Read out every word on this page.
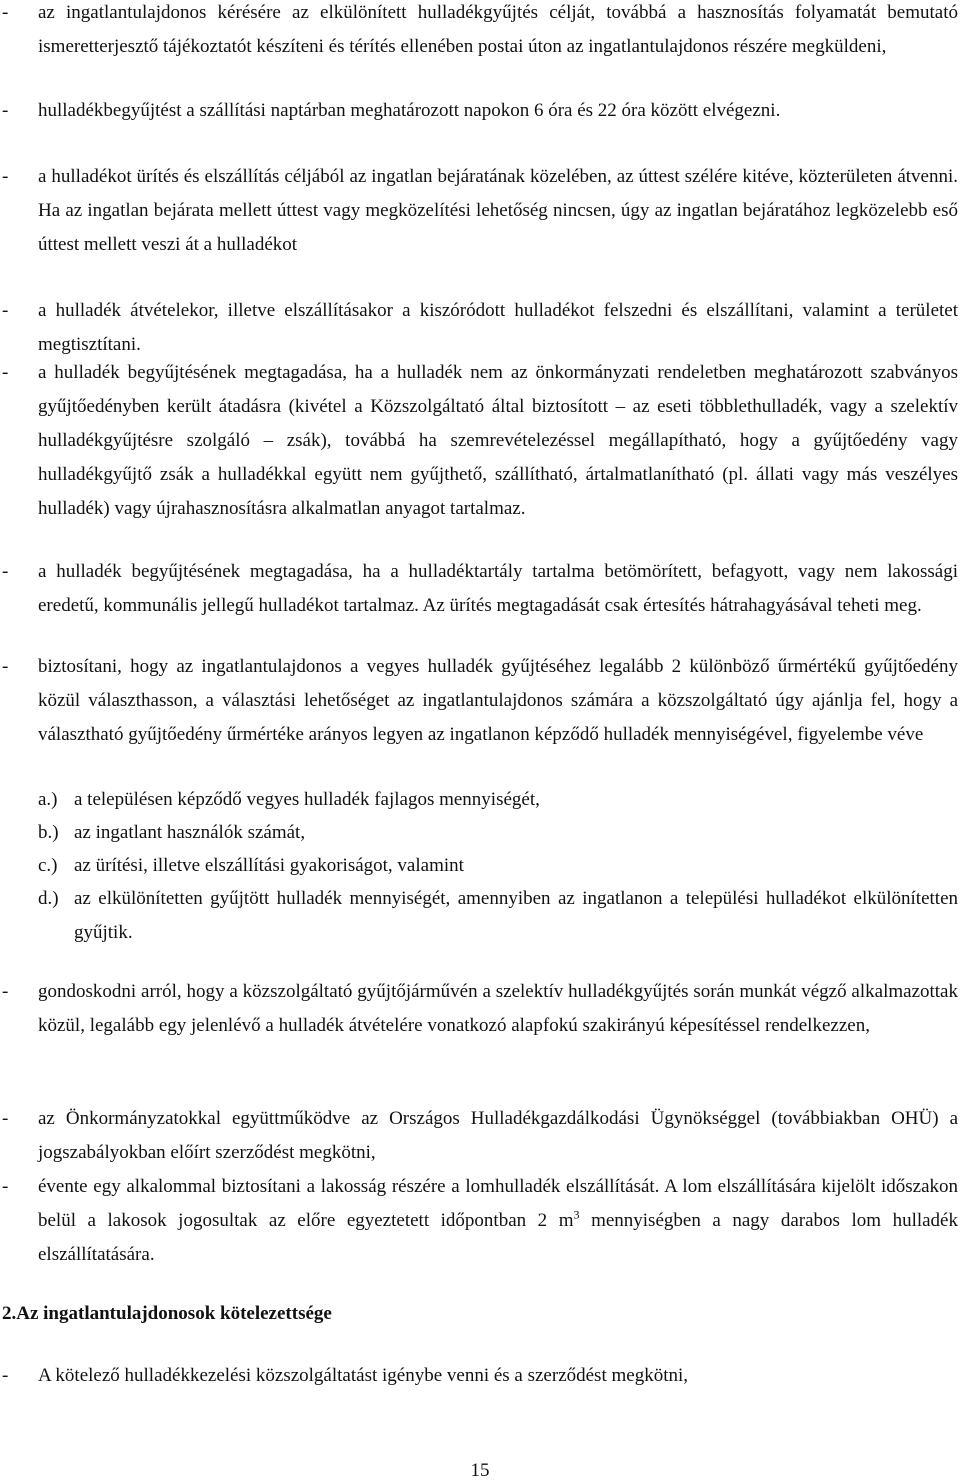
- az ingatlantulajdonos kérésére az elkülönített hulladékgyűjtés célját, továbbá a hasznosítás folyamatát bemutató ismeretterjesztő tájékoztatót készíteni és térítés ellenében postai úton az ingatlantulajdonos részére megküldeni,
- hulladékbegyűjtést a szállítási naptárban meghatározott napokon 6 óra és 22 óra között elvégezni.
- a hulladékot ürítés és elszállítás céljából az ingatlan bejáratának közelében, az úttest szélére kitéve, közterületen átvenni. Ha az ingatlan bejárata mellett úttest vagy megközelítési lehetőség nincsen, úgy az ingatlan bejáratához legközelebb eső úttest mellett veszi át a hulladékot
- a hulladék átvételekor, illetve elszállításakor a kiszóródott hulladékot felszedni és elszállítani, valamint a területet megtisztítani.
- a hulladék begyűjtésének megtagadása, ha a hulladék nem az önkormányzati rendeletben meghatározott szabványos gyűjtőedényben került átadásra (kivétel a Közszolgáltató által biztosított – az eseti többlethulladék, vagy a szelektív hulladékgyűjtésre szolgáló – zsák), továbbá ha szemrevételezéssel megállapítható, hogy a gyűjtőedény vagy hulladékgyűjtő zsák a hulladékkal együtt nem gyűjthető, szállítható, ártalmatlanítható (pl. állati vagy más veszélyes hulladék) vagy újrahasznosításra alkalmatlan anyagot tartalmaz.
- a hulladék begyűjtésének megtagadása, ha a hulladéktartály tartalma betömörített, befagyott, vagy nem lakossági eredetű, kommunális jellegű hulladékot tartalmaz. Az ürítés megtagadását csak értesítés hátrahagyásával teheti meg.
- biztosítani, hogy az ingatlantulajdonos a vegyes hulladék gyűjtéséhez legalább 2 különböző űrmértékű gyűjtőedény közül választhasson, a választási lehetőséget az ingatlantulajdonos számára a közszolgáltató úgy ajánlja fel, hogy a választható gyűjtőedény űrmértéke arányos legyen az ingatlanon képződő hulladék mennyiségével, figyelembe véve
a.) a településen képződő vegyes hulladék fajlagos mennyiségét,
b.) az ingatlant használók számát,
c.) az ürítési, illetve elszállítási gyakoriságot, valamint
d.) az elkülönítetten gyűjtött hulladék mennyiségét, amennyiben az ingatlanon a települési hulladékot elkülönítetten gyűjtik.
- gondoskodni arról, hogy a közszolgáltató gyűjtőjárművén a szelektív hulladékgyűjtés során munkát végző alkalmazottak közül, legalább egy jelenlévő a hulladék átvételére vonatkozó alapfokú szakirányú képesítéssel rendelkezzen,
- az Önkormányzatokkal együttműködve az Országos Hulladékgazdálkodási Ügynökséggel (továbbiakban OHÜ) a jogszabályokban előírt szerződést megkötni,
- évente egy alkalommal biztosítani a lakosság részére a lomhulladék elszállítását. A lom elszállítására kijelölt időszakon belül a lakosok jogosultak az előre egyeztetett időpontban 2 $m^3$ mennyiségben a nagy darabos lom hulladék elszállítatására.
2.Az ingatlantulajdonosok kötelezettsége
- A kötelező hulladékkezelési közszolgáltatást igénybe venni és a szerződést megkötni,
15
